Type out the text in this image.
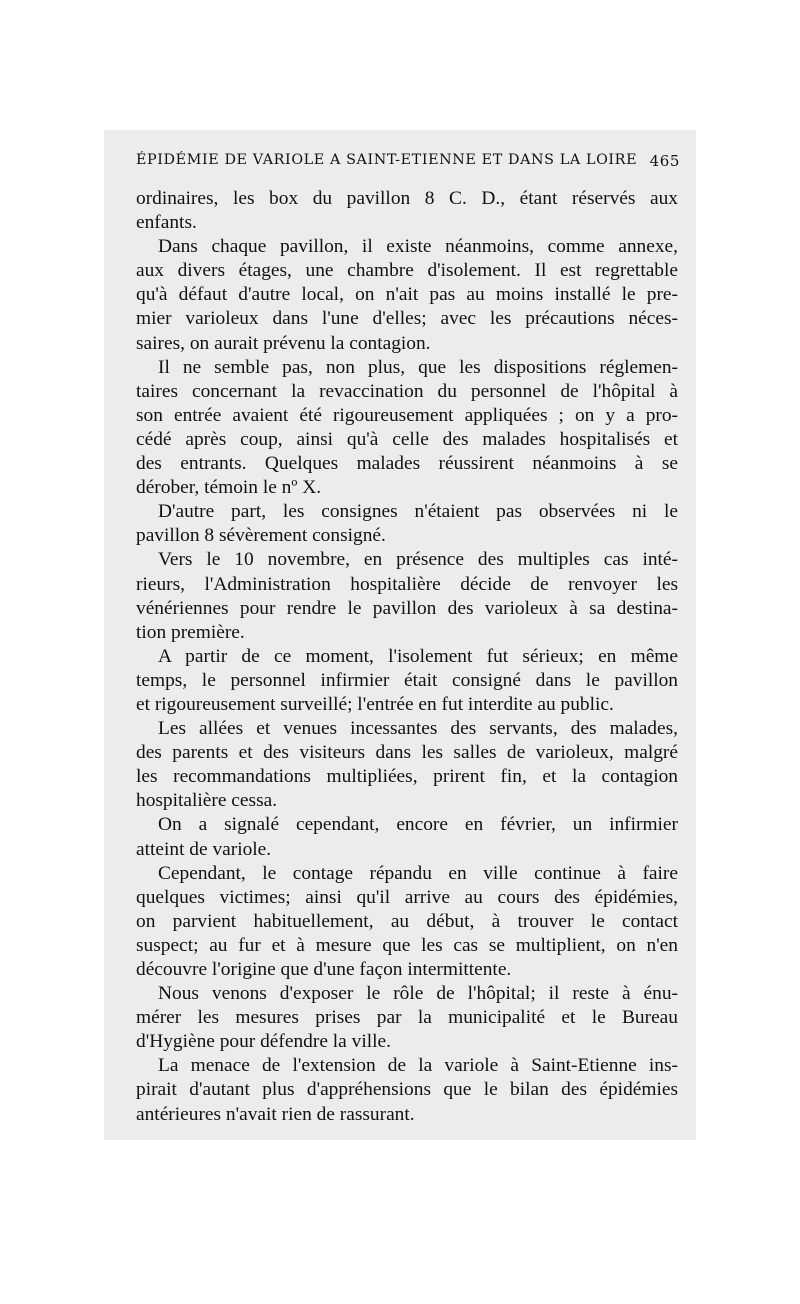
ÉPIDÉMIE DE VARIOLE A SAINT-ETIENNE ET DANS LA LOIRE 465
ordinaires, les box du pavillon 8 C. D., étant réservés aux
enfants.
Dans chaque pavillon, il existe néanmoins, comme annexe,
aux divers étages, une chambre d'isolement. Il est regrettable
qu'à défaut d'autre local, on n'ait pas au moins installé le pre-
mier varioleux dans l'une d'elles; avec les précautions néces-
saires, on aurait prévenu la contagion.
Il ne semble pas, non plus, que les dispositions réglemen-
taires concernant la revaccination du personnel de l'hôpital à
son entrée avaient été rigoureusement appliquées ; on y a pro-
cédé après coup, ainsi qu'à celle des malades hospitalisés et
des entrants. Quelques malades réussirent néanmoins à se
dérober, témoin le nº X.
D'autre part, les consignes n'étaient pas observées ni le
pavillon 8 sévèrement consigné.
Vers le 10 novembre, en présence des multiples cas inté-
rieurs, l'Administration hospitalière décide de renvoyer les
vénériennes pour rendre le pavillon des varioleux à sa destina-
tion première.
A partir de ce moment, l'isolement fut sérieux; en même
temps, le personnel infirmier était consigné dans le pavillon
et rigoureusement surveillé; l'entrée en fut interdite au public.
Les allées et venues incessantes des servants, des malades,
des parents et des visiteurs dans les salles de varioleux, malgré
les recommandations multipliées, prirent fin, et la contagion
hospitalière cessa.
On a signalé cependant, encore en février, un infirmier
atteint de variole.
Cependant, le contage répandu en ville continue à faire
quelques victimes; ainsi qu'il arrive au cours des épidémies,
on parvient habituellement, au début, à trouver le contact
suspect; au fur et à mesure que les cas se multiplient, on n'en
découvre l'origine que d'une façon intermittente.
Nous venons d'exposer le rôle de l'hôpital; il reste à énu-
mérer les mesures prises par la municipalité et le Bureau
d'Hygiène pour défendre la ville.
La menace de l'extension de la variole à Saint-Etienne ins-
pirait d'autant plus d'appréhensions que le bilan des épidémies
antérieures n'avait rien de rassurant.
